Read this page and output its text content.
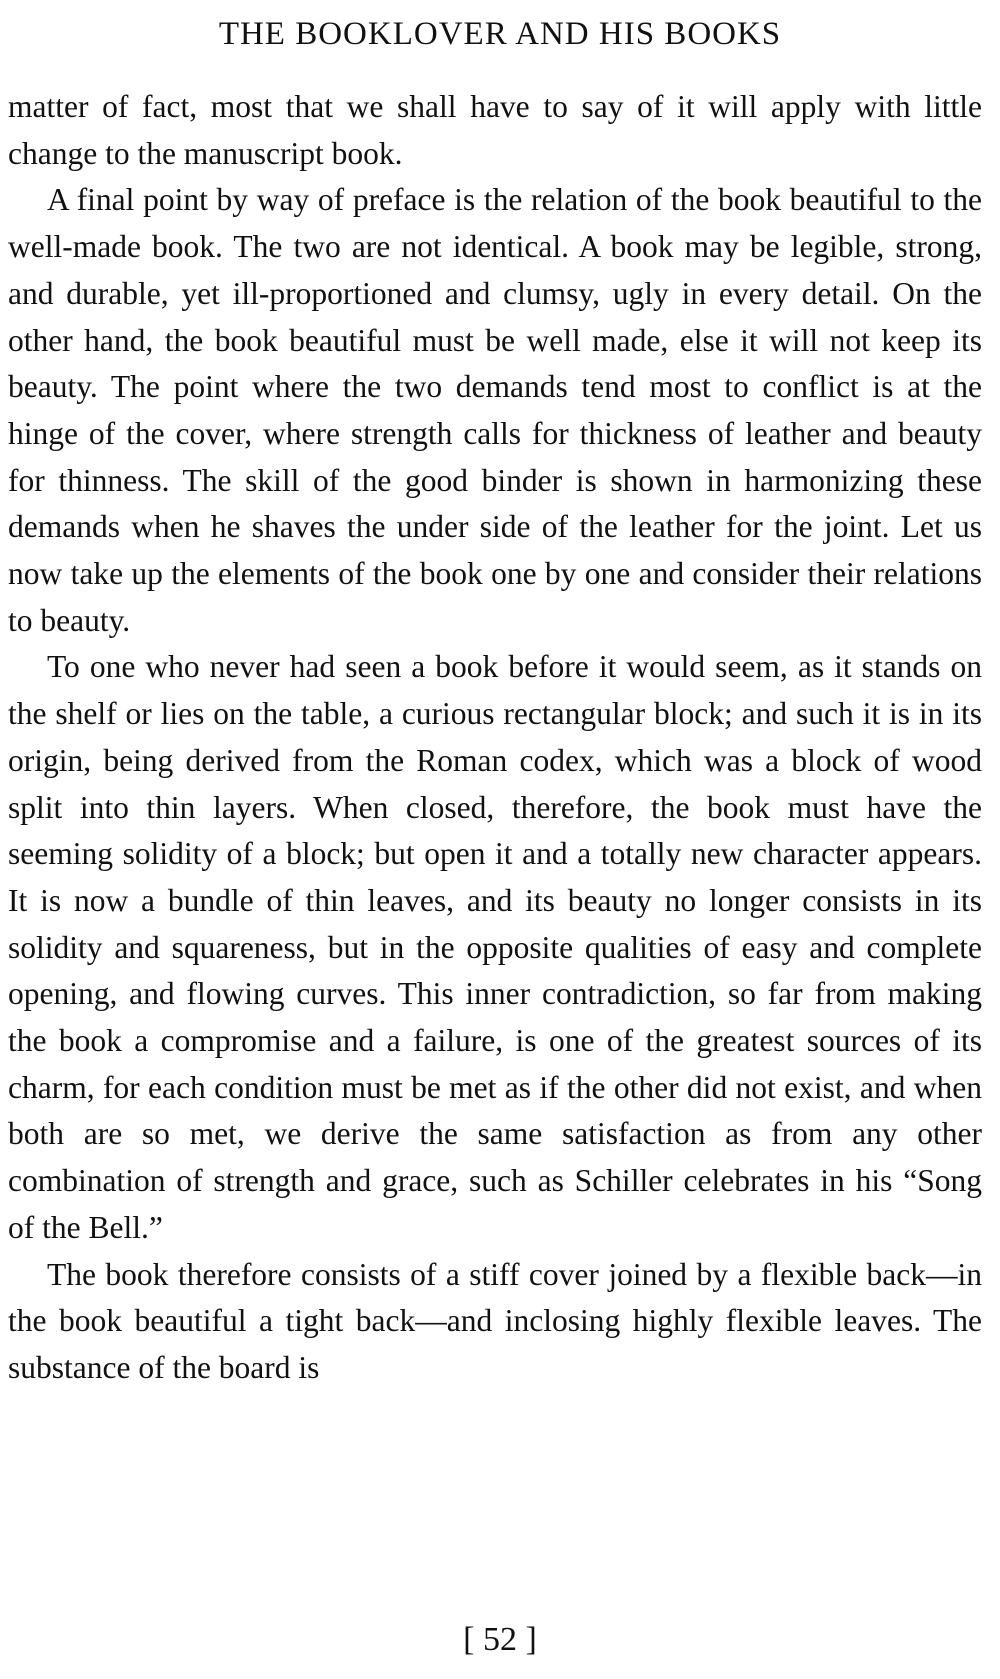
THE BOOKLOVER AND HIS BOOKS

matter of fact, most that we shall have to say of it will apply with little change to the manuscript book.

A final point by way of preface is the relation of the book beautiful to the well-made book. The two are not identical. A book may be legible, strong, and durable, yet ill-proportioned and clumsy, ugly in every detail. On the other hand, the book beautiful must be well made, else it will not keep its beauty. The point where the two demands tend most to conflict is at the hinge of the cover, where strength calls for thickness of leather and beauty for thinness. The skill of the good binder is shown in harmonizing these demands when he shaves the under side of the leather for the joint. Let us now take up the elements of the book one by one and consider their relations to beauty.

To one who never had seen a book before it would seem, as it stands on the shelf or lies on the table, a curious rectangular block; and such it is in its origin, being derived from the Roman codex, which was a block of wood split into thin layers. When closed, therefore, the book must have the seeming solidity of a block; but open it and a totally new character appears. It is now a bundle of thin leaves, and its beauty no longer consists in its solidity and squareness, but in the opposite qualities of easy and complete opening, and flowing curves. This inner contradiction, so far from making the book a compromise and a failure, is one of the greatest sources of its charm, for each condition must be met as if the other did not exist, and when both are so met, we derive the same satisfaction as from any other combination of strength and grace, such as Schiller celebrates in his “Song of the Bell.”

The book therefore consists of a stiff cover joined by a flexible back—in the book beautiful a tight back—and inclosing highly flexible leaves. The substance of the board is

[ 52 ]
